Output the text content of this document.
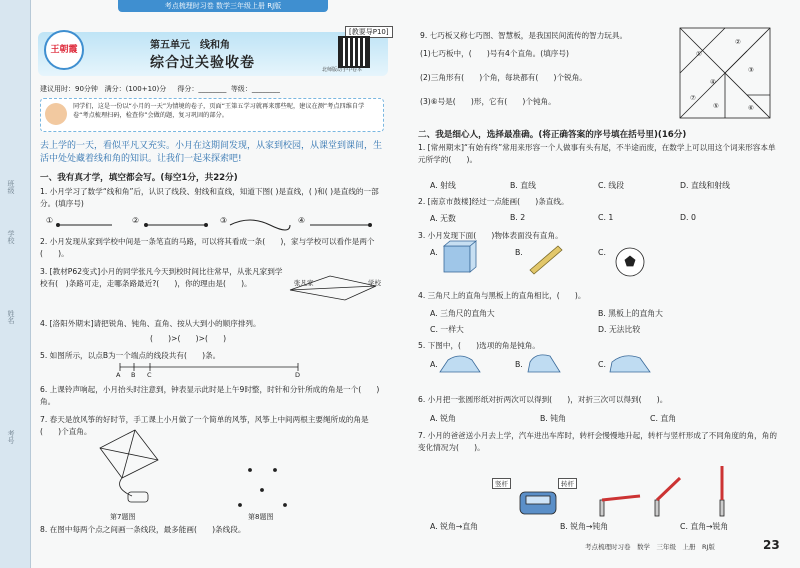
班级
学校
姓名
考号
考点梳理时习卷 数学三年级上册 RJ版
王朝霞
[教要导P10]
第五单元　线和角
综合过关验收卷	北师版动手中卷本
建议用时：90分钟 满分：(100+10)分 得分：________  等级：________
同学们，这是一份以“小月的一天”为情境的卷子，页面“王第五学习就再来那些呢，建议在测”考点四维自学卷“考点梳理扫码，检查你”会做的题，复习巩固的部分。
去上学的一天，看似平凡又充实。小月在这期间发现，从家到校园，从课堂到课间，生活中处处藏着线和角的知识。让我们一起来探索吧!
一、我有真才学，填空都会写。(每空1分，共22分)
1. 小月学习了数学“线和角”后，认识了线段、射线和直线，知道下图( )是直线，( )和( )是直线的一部分。(填序号)
①	②	③	④
2. 小月发现从家到学校中间是一条笔直的马路，可以将其看成一条(　　)，家与学校可以看作是两个(　　)。
3. [教材P62变式]小月的同学张凡今天到校时间比往常早，从张凡家到学校有(　)条路可走，走哪条路最近?(　　)，你的理由是(　　)。	张凡家	学校
4. [洛阳外期末]请把锐角、钝角、直角、按从大到小的顺序排列。
(　　)>(　　)>(　　)
5. 如图所示，以点B为一个端点的线段共有(　　)条。
A B C	D
6. 上课铃声响起，小月抬头时注意到，钟表显示此时是上午9时整，时针和分针所成的角是一个(　　)角。
7. 春天是放风筝的好时节，手工课上小月做了一个简单的风筝，风筝上中间两根主要绳所成的角是(　　)个直角。
第7题图	第8题图
8. 在图中每两个点之间画一条线段，最多能画(　　)条线段。
9. 七巧板又称七巧图、智慧板，是我国民间流传的智力玩具。
(1)七巧板中，(　　)号有4个直角。(填序号)
(2)三角形有(　　)个角，每块都有(　　)个锐角。
(3)⑥号是(　　)形，它有(　　)个钝角。
①
②
③
④
⑤	⑥
⑦
二、我是细心人，选择最准确。(将正确答案的序号填在括号里)(16分)
1. [常州期末]“有始有终”常用来形容一个人做事有头有尾，不半途而废，在数学上可以用这个词来形容本单元所学的(　　)。
A. 射线	B. 直线	C. 线段	D. 直线和射线
2. [南京市鼓楼]经过一点能画(　　)条直线。
A. 无数	B. 2	C. 1	D. 0
3. 小月发现下面(　　)物体表面没有直角。
A.	B.	C.
4. 三角尺上的直角与黑板上的直角相比，(　　)。
A. 三角尺的直角大	B. 黑板上的直角大
C. 一样大	D. 无法比较
5. 下图中，(　　)选项的角是钝角。
A.	B.	C.
6. 小月把一张圆形纸对折两次可以得到(　　)，对折三次可以得到(　　)。
A. 锐角	B. 钝角	C. 直角
7. 小月的爸爸送小月去上学，汽车进出车库时，转杆会慢慢地升起，转杆与竖杆形成了不同角度的角，角的变化情况为(　　)。
竖杆	转杆
A. 锐角→直角	B. 锐角→钝角	C. 直角→锐角
考点梳理时习卷　数学　三年级　上册　RJ版	23
